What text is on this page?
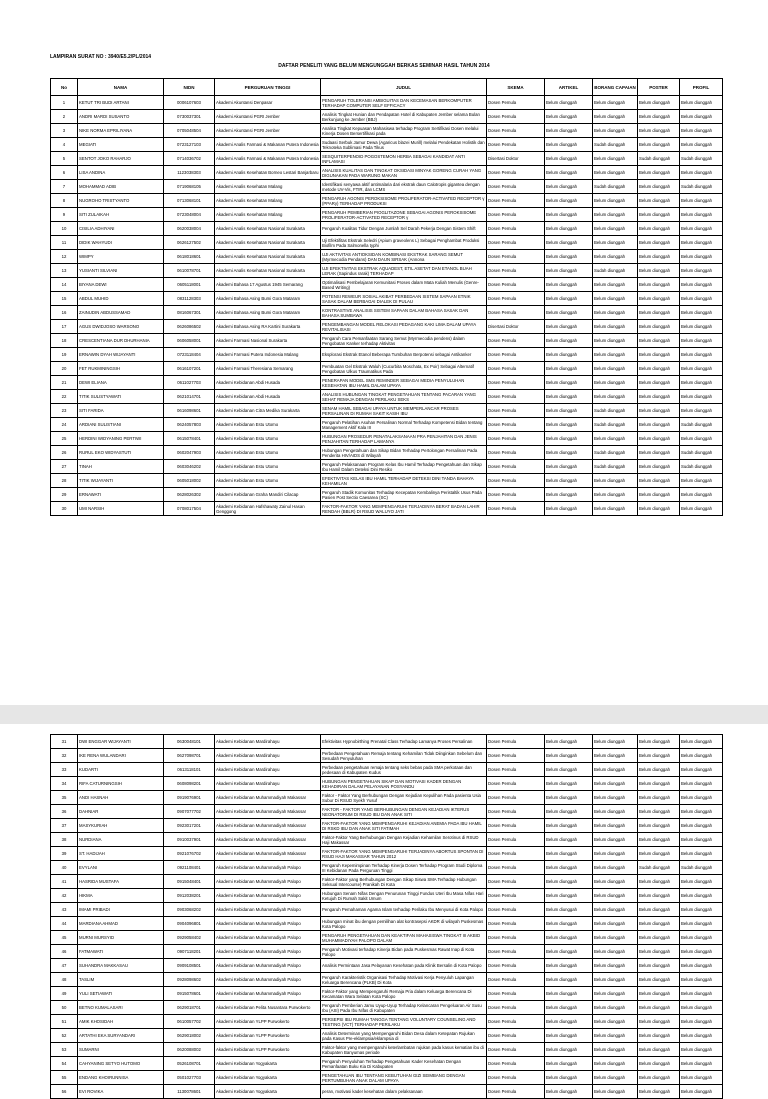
LAMPIRAN SURAT NO : 3940/E5.2/PL/2014
DAFTAR PENELITI YANG BELUM MENGUNGGAH BERKAS SEMINAR HASIL TAHUN 2014
No	NAMA	NIDN	PERGURUAN TINGGI	JUDUL	SKEMA	ARTIKEL	BORANG CAPAIAN	POSTER	PROFIL
1	KETUT TRI BUDI ARTANI	0006107603	Akademi Akuntansi Denpasar	PENGARUH TOLERANSI AMBIGUITAS DAN KECEMASAN BERKOMPUTER TERHADAP COMPUTER SELF EFFICACY	Dosen Pemula	Belum diunggah	Belum diunggah	Belum diunggah	Belum diunggah
2	ANDRI MARDI SUSANTO	0730037301	Akademi Akuntansi PGRI Jember	Analisis Tingkat Hunian dan Pendapatan Hotel di Kabupaten Jember selama Bulan Berkunjung ke Jember (BBJ)	Dosen Pemula	Belum diunggah	Belum diunggah	Belum diunggah	Belum diunggah
3	NIKE NORMA EPRILIYANA	0705048504	Akademi Akuntansi PGRI Jember	Analisa Tingkat Kepuasan Mahasiswa terhadap Program Sertifikasi Dosen melalui Kinerja Dosen Bersertifikasi pada	Dosen Pemula	Belum diunggah	Belum diunggah	Belum diunggah	Belum diunggah
4	MEGIATI	0723127103	Akademi Analis Farmasi & Makanan Putera Indonesia	Sudaasi Serbuk Jamur Dewa (Agaricus blazei Murill) melalui Pendekatan Holistik dan Teknoteka Sublimasi Pada Tikus	Dosen Pemula	Belum diunggah	Sudah diunggah	Belum diunggah	Belum diunggah
5	SENTOT JOKO RAHARJO	0714036702	Akademi Analis Farmasi & Makanan Putera Indonesia	SESQUITERPENOID POGOSTEMON HERBA SEBAGAI KANDIDAT ANTI INFLAMASI	Disertasi Doktor	Belum diunggah	Belum diunggah	Sudah diunggah	Sudah diunggah
6	LISA ANDINA	1123038303	Akademi Analis Kesehatan Borneo Lestari Banjarbaru	ANALISIS KUALITAS DAN TINGKAT OKSIDASI MINYAK GORENG CURAH YANG DIGUNAKAN PADA WARUNG MAKAN	Dosen Pemula	Belum diunggah	Belum diunggah	Belum diunggah	Belum diunggah
7	MOHAMMAD ADIB	0719068105	Akademi Analis Kesehatan Malang	Identifikasi senyawa aktif antimalaria dari ekstrak daun Calotropis gigantea dengan metode UV-Vis, FTIR, dan LCMS	Dosen Pemula	Belum diunggah	Sudah diunggah	Belum diunggah	Sudah diunggah
8	NUGROHO TRISTYANTO	0713068101	Akademi Analis Kesehatan Malang	PENGARUH AGONIS PEROKSISOME PROLIFERATOR-ACTIVATED RECEPTOR γ (PPARγ) TERHADAP PRODUKSI	Dosen Pemula	Belum diunggah	Belum diunggah	Belum diunggah	Belum diunggah
9	SITI ZULAIKAH	0723048004	Akademi Analis Kesehatan Malang	PENGARUH PEMBERIAN PIOGLITAZONE SEBAGAI AGONIS PEROKSISOME PROLIFERATOR-ACTIVATED RECEPTOR γ	Dosen Pemula	Belum diunggah	Belum diunggah	Belum diunggah	Belum diunggah
10	CISILIA ADHIYANI	0620038004	Akademi Analis Kesehatan Nasional Surakarta	Pengaruh Kualitas Tidur Dengan Jumlah Sel Darah Pekerja Dengan Sistem Shift	Dosen Pemula	Belum diunggah	Belum diunggah	Belum diunggah	Belum diunggah
11	DIDIK WAHYUDI	0626127502	Akademi Analis Kesehatan Nasional Surakarta	Uji Efektifitas Ekstrak Seledri (Apium graveolens L) Sebagai Penghambat Produksi Biofilm Pada Salmonella typhi	Dosen Pemula	Belum diunggah	Belum diunggah	Belum diunggah	Belum diunggah
12	WIMPY	0618018601	Akademi Analis Kesehatan Nasional Surakarta	UJI AKTIVITAS ANTIOKSIDAN KOMBINASI EKSTRAK SARANG SEMUT (Myrmecodia Pendans) DAN DAUN SIRSAK (Annona	Dosen Pemula	Belum diunggah	Belum diunggah	Belum diunggah	Belum diunggah
13	YUSIANTI SILVIANI	0610078701	Akademi Analis Kesehatan Nasional Surakarta	UJI EFEKTIVITAS EKSTRAK AQUADEST, ETIL ASETAT DAN ETANOL BUAH LERAK (Sapindus rarak) TERHADAP	Dosen Pemula	Belum diunggah	Sudah diunggah	Belum diunggah	Belum diunggah
14	BIYANA DEWI	0605118001	Akademi Bahasa 17 Agustus 1945 Semarang	Optimalisasi Pembelajaran Kemunitasi Proses dalam Mata Kuliah Menulis (Genre-Based Writing)	Dosen Pemula	Belum diunggah	Belum diunggah	Belum diunggah	Belum diunggah
15	ABDUL MUHID	0831128303	Akademi Bahasa Asing Bumi Gora Mataram	POTENSI REWEUR SOSIAL AKIBAT PERBEDAAN SISTEM SAPAAN ETNIK SASAK DALAM BERBAGAI DIALEK DI PULAU	Dosen Pemula	Belum diunggah	Belum diunggah	Belum diunggah	Belum diunggah
16	ZAINUDIN ABDUSSAMAD	0816067301	Akademi Bahasa Asing Bumi Gora Mataram	KONTRASTIVE ANALISIS SISTEM SAPAAN DALAM BAHASA SASAK DAN BAHASA SUMBAWA	Dosen Pemula	Belum diunggah	Belum diunggah	Belum diunggah	Belum diunggah
17	AGUS DWIDJOSO WARSONO	0626086502	Akademi Bahasa Asing RA Kartini Surakarta	PENGEMBANGAN MODEL RELOKASI PEDAGANG KAKI LIMA DALAM UPAYA REVITALISASI	Disertasi Doktor	Belum diunggah	Belum diunggah	Belum diunggah	Belum diunggah
18	CRESCENTIANA DUR DHURHANIA	0606058001	Akademi Farmasi Nasional Surakarta	Pengaruh Cara Pemanfaatan Sarang Semut (Myrmecodia pendens) dalam Pengobatan Kanker terhadap Aktivitas	Dosen Pemula	Belum diunggah	Belum diunggah	Belum diunggah	Belum diunggah
19	ERNAWIN DYAH WIJAYANTI	0723118404	Akademi Farmasi Putera Indonesia Malang	Eksplorasi Ekstrak Etanol Beberapa Tumbuhan Berpotensi sebagai Antikanker	Dosen Pemula	Belum diunggah	Belum diunggah	Belum diunggah	Belum diunggah
20	FET RUKMININGSIH	0616107201	Akademi Farmasi Theresiana Semarang	Pembuatan Gel Ekstrak Waluh (Cucurbita Moschata, Ex Poir) Sebagai Alternatif Pengobatan Ulkus Traumatikus Pada	Dosen Pemula	Belum diunggah	Belum diunggah	Belum diunggah	Belum diunggah
21	DEWI ELIANA	0611027703	Akademi Kebidanan Abdi Husada	PENERAPAN MODEL SMS REMINDER SEBAGAI MEDIA PENYULUHAN KESEHATAN IBU HAMIL DALAM UPAYA	Dosen Pemula	Belum diunggah	Belum diunggah	Belum diunggah	Belum diunggah
22	TITIK SULISTYAWATI	0621014701	Akademi Kebidanan Abdi Husada	ANALISIS HUBUNGAN TINGKAT PENGETAHUAN TENTANG PACARAN YANG SEHAT REMAJA DENGAN PERILAKU SEKS	Dosen Pemula	Belum diunggah	Belum diunggah	Belum diunggah	Belum diunggah
23	SITI FARIDA	0616098601	Akademi Kebidanan Citra Medika Surakarta	SENAM HAMIL SEBAGAI UPAYA UNTUK MEMPERLANCAR PROSES PERSALINAN DI RUMAH SAKIT KASIH IBU	Dosen Pemula	Belum diunggah	Sudah diunggah	Belum diunggah	Belum diunggah
24	ARDIANI SULISTIANI	0624057803	Akademi Kebidanan Estu Utomo	Pengaruh Pelatihan Asuhan Persalinan Normal Terhadap Kompetensi Bidan tentang Management Aktif Kala III	Dosen Pemula	Belum diunggah	Sudah diunggah	Belum diunggah	Sudah diunggah
25	HERDINI WIDYANING PERTIWI	0615078401	Akademi Kebidanan Estu Utomo	HUBUNGAN PROSEDUR PENATALAKSANAAN PRA PENJAHITAN DAN JENIS PENJAHITAN TERHADAP LAMANYA	Dosen Pemula	Belum diunggah	Belum diunggah	Belum diunggah	Belum diunggah
26	RURUL EKO WIDYASTUTI	0602047903	Akademi Kebidanan Estu Utomo	Hubungan Pengetahuan dan Sikap Bidan Terhadap Pertolongan Persalinan Pada Penderita HIV/AIDS di Wilayah	Dosen Pemula	Belum diunggah	Sudah diunggah	Belum diunggah	Sudah diunggah
27	TINAH	0603046202	Akademi Kebidanan Estu Utomo	Pengaruh Pelaksanaan Program Kelas Ibu Hamil Terhadap Pengetahuan dan Sikap Ibu Hamil Dalam Deteksi Dini Resiko	Dosen Pemula	Belum diunggah	Sudah diunggah	Belum diunggah	Sudah diunggah
28	TITIK WIJAYANTI	0605018002	Akademi Kebidanan Estu Utomo	EFEKTIVITAS KELAS IBU HAMIL TERHADAP DETEKSI DINI TANDA BAHAYA KEHAMILAN	Dosen Pemula	Belum diunggah	Belum diunggah	Belum diunggah	Belum diunggah
29	ERNAWATI	0628026302	Akademi Kebidanan Graha Mandiri Cilacap	Pengaruh Stadik Komunitas Terhadap Kecepatan Kembalinya Peristaltik Usus Pada Pasien Post Sectio Caesarea (SC)	Dosen Pemula	Belum diunggah	Belum diunggah	Belum diunggah	Belum diunggah
30	UMI NARSIH	0708017504	Akademi Kebidanan Hafshawaty Zainul Hasan Genggong	FAKTOR-FAKTOR YANG MEMPENGARUHI TERJADINYA BERAT BADAN LAHIR RENDAH (BBLR) DI RSUD WALUYO JATI	Dosen Pemula	Belum diunggah	Belum diunggah	Belum diunggah	Belum diunggah
31	DWI ENGGAR WIJAYANTI	0630048101	Akademi Kebidanan Mardirahayu	Efektivitas Hypnobirthing Prenatal Class Terhadap Lamanya Proses Persalinan	Dosen Pemula	Belum diunggah	Belum diunggah	Belum diunggah	Belum diunggah
32	IKE RENA WULANDARI	0627098701	Akademi Kebidanan Mardirahayu	Perbedaan Pengetahuan Remaja tentang Kehamilan Tidak Diinginkan Sebelum dan Sesudah Penyuluhan	Dosen Pemula	Belum diunggah	Belum diunggah	Belum diunggah	Belum diunggah
33	KUDARTI	0613118101	Akademi Kebidanan Mardirahayu	Perbedaan pengetahuan remaja tentang seks bebas pada SMA perkotaan dan pedesaan di Kabupaten Kudus	Dosen Pemula	Belum diunggah	Belum diunggah	Belum diunggah	Belum diunggah
34	RIFA CATURNINGSIH	0608098201	Akademi Kebidanan Mardirahayu	HUBUNGAN PENGETAHUAN SIKAP DAN MOTIVASI KADER DENGAN KEHADIRAN DALAM PELAYANAN POSYANDU	Dosen Pemula	Belum diunggah	Belum diunggah	Belum diunggah	Belum diunggah
35	ANDI HASNAH	0919076901	Akademi Kebidanan Muhammadiyah Makassar	Faktor - Faktor Yang Berhubungan Dengan Kejadian Kepulihan Pada pasienta Usia Subur Di RSUD Syekh Yusuf	Dosen Pemula	Belum diunggah	Belum diunggah	Belum diunggah	Belum diunggah
36	DAHNIAR	0907077702	Akademi Kebidanan Muhammadiyah Makassar	FAKTOR - FAKTOR YANG BERHUBUNGAN DENGAN KEJADIAN IKTERUS NEONATORUM DI RSUD IBU DAN ANAK SITI	Dosen Pemula	Belum diunggah	Belum diunggah	Belum diunggah	Belum diunggah
37	MASYKURIAH	0923017201	Akademi Kebidanan Muhammadiyah Makassar	FAKTOR-FAKTOR YANG MEMPENGARUHI KEJADIAN ANEMIA PADA IBU HAMIL DI RSKD IBU DAN ANAK SITI FATIMAH	Dosen Pemula	Belum diunggah	Belum diunggah	Belum diunggah	Belum diunggah
38	NURDIANA	0910037901	Akademi Kebidanan Muhammadiyah Makassar	Faktor-Faktor Yang Berhubungan Dengan Kejadian Kehamilan Serotinus di RSUD Haji Makassar	Dosen Pemula	Belum diunggah	Belum diunggah	Belum diunggah	Belum diunggah
39	ST. HADIJAH	0921076702	Akademi Kebidanan Muhammadiyah Makassar	FAKTOR-FAKTOR YANG MEMPENGARUHI TERJADINYA ABORTUS SPONTAN DI RSUD HAJI MAKASSAR TAHUN 2012	Dosen Pemula	Belum diunggah	Belum diunggah	Belum diunggah	Belum diunggah
40	EVYLANI	0921108401	Akademi Kebidanan Muhammadiyah Palopo	Pengaruh Kepemimpinan Terhadap Kinerja Dosen Terhadap Program Studi Diploma III Kebidanan Pada Perguruan Tinggi	Dosen Pemula	Belum diunggah	Belum diunggah	Sudah diunggah	Sudah diunggah
41	HASRIDA MUSTAFA	0915048401	Akademi Kebidanan Muhammadiyah Palopo	Faktor-Faktor yang Berhubungan Dengan Sikap Siswa SMA Terhadap Hubungan Seksual Intercourse) Pranikah Di Kota	Dosen Pemula	Belum diunggah	Belum diunggah	Belum diunggah	Belum diunggah
42	HIKMA	0912038201	Akademi Kebidanan Muhammadiyah Palopo	Hubungan Senam Nifas Dengan Penurunan Tinggi Fundus Uteri Ibu Masa Nifas Hari Ketujuh Di Rumah Sakit Umum	Dosen Pemula	Belum diunggah	Belum diunggah	Belum diunggah	Belum diunggah
43	IMAMI PRIBADI	0903068202	Akademi Kebidanan Muhammadiyah Palopo	Pengaruh Pemahaman Agama Islam terhadap Perilaku Ibu Menyusui di Kota Palopo	Dosen Pemula	Belum diunggah	Belum diunggah	Belum diunggah	Belum diunggah
44	MARDIANA AHMAD	0904096801	Akademi Kebidanan Muhammadiyah Palopo	Hubungan minat ibu dengan pemilihan alat kontrasepsi AKDR di wilayah Puskesmas Kota Palopo	Dosen Pemula	Belum diunggah	Belum diunggah	Belum diunggah	Belum diunggah
45	MURNI MURSYID	0929058402	Akademi Kebidanan Muhammadiyah Palopo	PENGARUH PENGETAHUAN DAN KEAKTIFAN MAHASISWA TINGKAT III AKBID MUHAMMADIYAH PALOPO DALAM	Dosen Pemula	Belum diunggah	Belum diunggah	Belum diunggah	Belum diunggah
46	FATMAWATI	0907118201	Akademi Kebidanan Muhammadiyah Palopo	Pengaruh Motivasi terhadap Kinerja Bidan pada Puskesmas Rawat Inap di Kota Palopo	Dosen Pemula	Belum diunggah	Belum diunggah	Belum diunggah	Belum diunggah
47	SUHANDRA MAKKASAU	0909108501	Akademi Kebidanan Muhammadiyah Palopo	Analisis Permintaan Jasa Pelayanan Kesehatan pada Klinik Bersalin di Kota Palopo	Dosen Pemula	Belum diunggah	Belum diunggah	Belum diunggah	Belum diunggah
48	TASLIM	0928098602	Akademi Kebidanan Muhammadiyah Palopo	Pengaruh Karakteristik Organisasi Terhadap Motivasi Kerja Penyuluh Lapangan Keluarga Berencana (PLKB) Di Kota	Dosen Pemula	Belum diunggah	Belum diunggah	Belum diunggah	Belum diunggah
49	YULI SETIAWATI	0915078601	Akademi Kebidanan Muhammadiyah Palopo	Faktor-Faktor yang Mempengaruhi Remaja Pria dalam Keluarga Berencana Di Kecamatan Wara Selatan Kota Palopo	Dosen Pemula	Belum diunggah	Belum diunggah	Belum diunggah	Belum diunggah
50	BETNO KUMALASARI	0629018701	Akademi Kebidanan Pelita Nusantara Purwokerto	Pengaruh Pemberian Jamu Uyup-Uyup Terhadap Kelancaran Pengeluaran Air Susu Ibu (ASI) Pada Ibu Nifas di Kabupaten	Dosen Pemula	Belum diunggah	Belum diunggah	Belum diunggah	Belum diunggah
51	AMIK KHOSIDAH	0610057702	Akademi Kebidanan YLPP Purwokerto	PERSEPSI IBU RUMAH TANGGA TENTANG VOLUNTARY COUNSELING AND TESTING (VCT) TERHADAP PERILAKU	Dosen Pemula	Belum diunggah	Belum diunggah	Belum diunggah	Belum diunggah
52	ARTATHI EKA SURYANDARI	0629018002	Akademi Kebidanan YLPP Purwokerto	Analisis Determinan yang Mempengaruhi Bidan Desa dalam Ketepatan Rujukan pada Kasus Pre-eklampsia/eklampsia di	Dosen Pemula	Belum diunggah	Belum diunggah	Belum diunggah	Belum diunggah
53	SUMARNI	0620088002	Akademi Kebidanan YLPP Purwokerto	Faktor-faktor yang mempengaruhi keterlambatan rujukan pada kasus kematian ibu di Kabupaten Banyumas periode	Dosen Pemula	Belum diunggah	Belum diunggah	Belum diunggah	Belum diunggah
54	CAHYANING SETYO HUTOMO	0526108701	Akademi Kebidanan Yogyakarta	Pengaruh Penyuluhan Terhadap Pengetahuan Kader Kesehatan Dengan Pemanfaatan Buku Kia Di Kabupaten	Dosen Pemula	Belum diunggah	Belum diunggah	Belum diunggah	Belum diunggah
55	ENDANG KHOIRUNNISA	0501027703	Akademi Kebidanan Yogyakarta	PENGETAHUAN IBU TENTANG KEBUTUHAN GIZI SEIMBANG DENGAN PERTUMBUHAN ANAK DALAM UPAYA	Dosen Pemula	Belum diunggah	Belum diunggah	Belum diunggah	Belum diunggah
56	EVI ROVIKA	1130078601	Akademi Kebidanan Yogyakarta	peran, motivasi kader kesehatan dalam pelaksanaan	Dosen Pemula	Belum diunggah	Belum diunggah	Belum diunggah	Belum diunggah
